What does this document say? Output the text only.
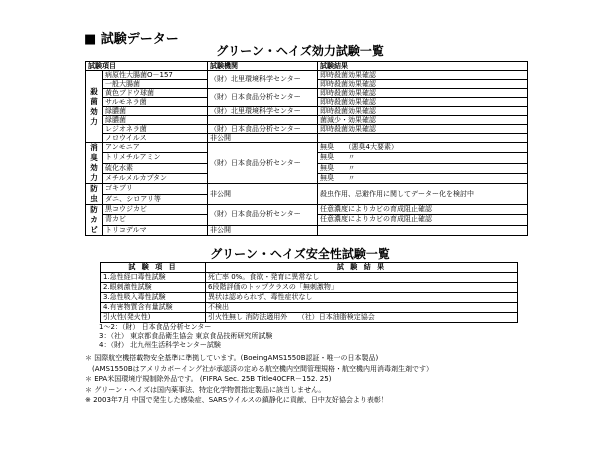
■ 試験データー
グリーン・ヘイズ効力試験一覧
試験項目		試験機関	試験結果
殺菌効力	病原性大腸菌O－157	（財）北里環境科学センター	即時殺菌効果確認
	一般大腸菌		即時殺菌効果確認
	黄色ブドウ球菌	（財）日本食品分析センター	即時殺菌効果確認
	サルモネラ菌		即時殺菌効果確認
	緑膿菌	（財）北里環境科学センター	即時殺菌効果確認
	緑膿菌		菌減少・効果確認
	レジオネラ菌	（財）日本食品分析センター	即時殺菌効果確認
	ノロウイルス	非公開	
消臭効力	アンモニア	（財）日本食品分析センター	無臭　　（悪臭4大要素）
	トリメチルアミン		無臭　　〃
	硫化水素		無臭　　〃
	メチルメルカプタン		無臭　　〃
防虫	ゴキブリ	非公開	殺虫作用、忌避作用に関してデーター化を検討中
	ダニ、シロアリ等		
防カビ	黒コウジカビ	（財）日本食品分析センター	任意濃度によりカビの育成阻止確認
	青カビ		任意濃度によりカビの育成阻止確認
	トリコデルマ	非公開	
グリーン・ヘイズ安全性試験一覧
試 験 項 目	試 験 結 果
1.急性経口毒性試験	死亡率 0%。食欲・発育に異常なし
2.眼刺激性試験	6段階評価のトップクラスの「無刺激物」
3.急性吸入毒性試験	異状は認められず、毒性症状なし
4.有害物質含有量試験	不検出
引火性(発火性)	引火性無し 消防法適用外　　（社）日本油脂検定協会
1～2：（財） 日本食品分析センター
3：（社） 東京都食品衛生協会 東京食品技術研究所試験
4：（財） 北九州生活科学センター試験
＊ 国際航空機搭載物安全基準に準拠しています。(BoeingAMS1550B認証・唯一の日本製品)
　(AMS1550Bはアメリカボーイング社が承認済の定める航空機内空間管理規格・航空機内用消毒剤生剤です）
＊ EPA米国環境庁規制除外品です。 (FIFRA Sec. 25B Title40CFR－152. 25)
＊ グリーン・ヘイズは国内薬事法、特定化学物質指定製品に該当しません。
※ 2003年7月 中国で発生した感染症、SARSウイルスの鎮静化に貢献、日中友好協会より表彰！
